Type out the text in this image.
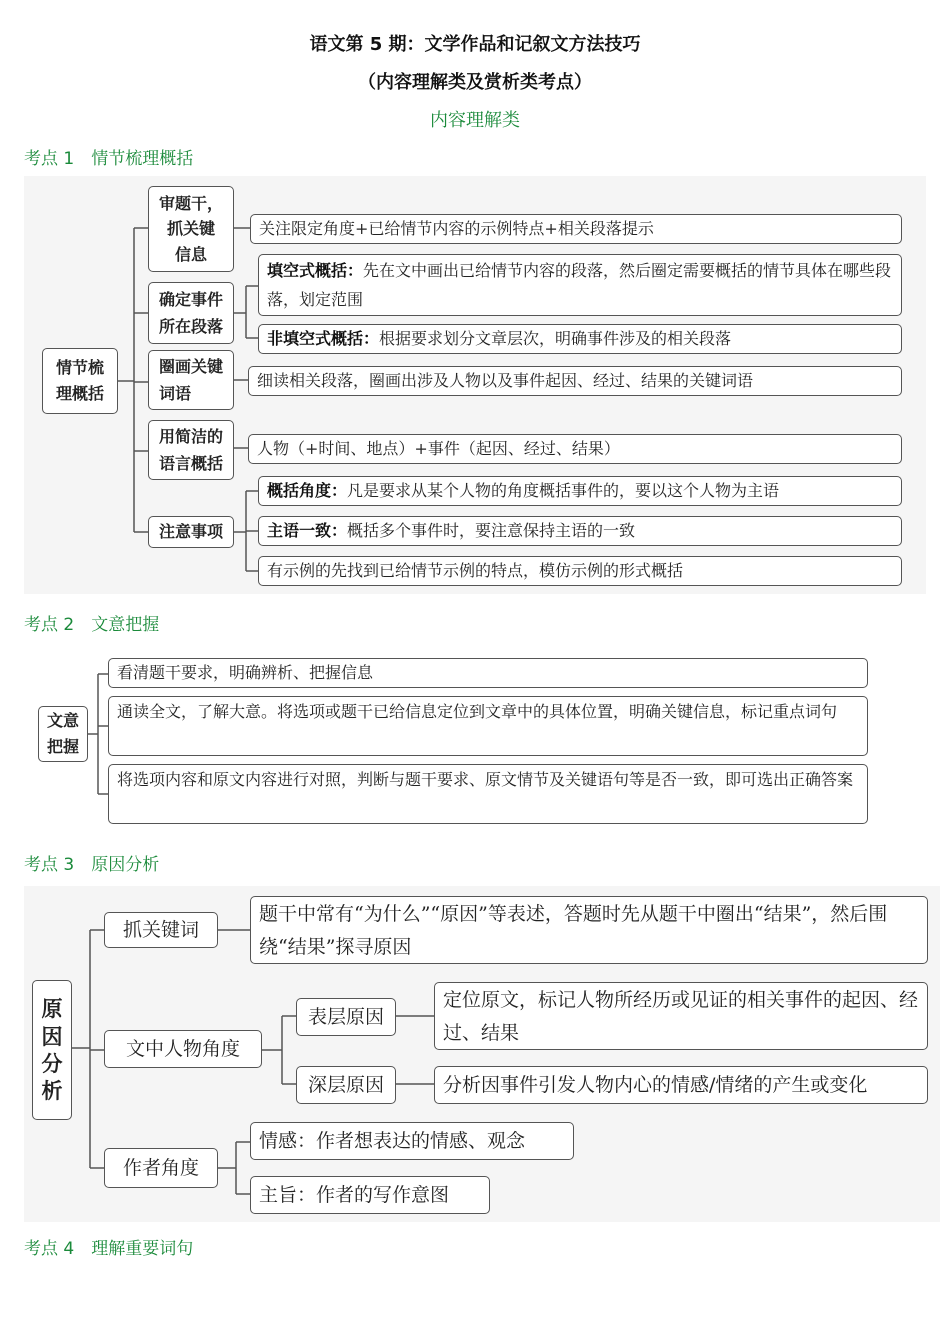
语文第 5 期：文学作品和记叙文方法技巧
（内容理解类及赏析类考点）
内容理解类
考点 1　情节梳理概括
情节梳
理概括
审题干，
抓关键
信息
关注限定角度+已给情节内容的示例特点+相关段落提示
确定事件
所在段落
填空式概括：先在文中画出已给情节内容的段落，然后圈定需要概括的情节具体在哪些段落，划定范围
非填空式概括： 根据要求划分文章层次，明确事件涉及的相关段落
圈画关键
词语
细读相关段落，圈画出涉及人物以及事件起因、经过、结果的关键词语
用简洁的
语言概括
人物（+时间、地点）+事件（起因、经过、结果）
注意事项
概括角度： 凡是要求从某个人物的角度概括事件的，要以这个人物为主语
主语一致： 概括多个事件时，要注意保持主语的一致
有示例的先找到已给情节示例的特点，模仿示例的形式概括
考点 2　文意把握
文意
把握
看清题干要求，明确辨析、把握信息
通读全文，了解大意。将选项或题干已给信息定位到文章中的具体位置，明确关键信息，标记重点词句
将选项内容和原文内容进行对照，判断与题干要求、原文情节及关键语句等是否一致，即可选出正确答案
考点 3　原因分析
原
因
分
析
抓关键词
题干中常有“为什么”“原因”等表述，答题时先从题干中圈出“结果”，然后围绕“结果”探寻原因
文中人物角度
表层原因
定位原文，标记人物所经历或见证的相关事件的起因、经过、结果
深层原因	分析因事件引发人物内心的情感/情绪的产生或变化
作者角度
情感：作者想表达的情感、观念
主旨：作者的写作意图
考点 4　理解重要词句
